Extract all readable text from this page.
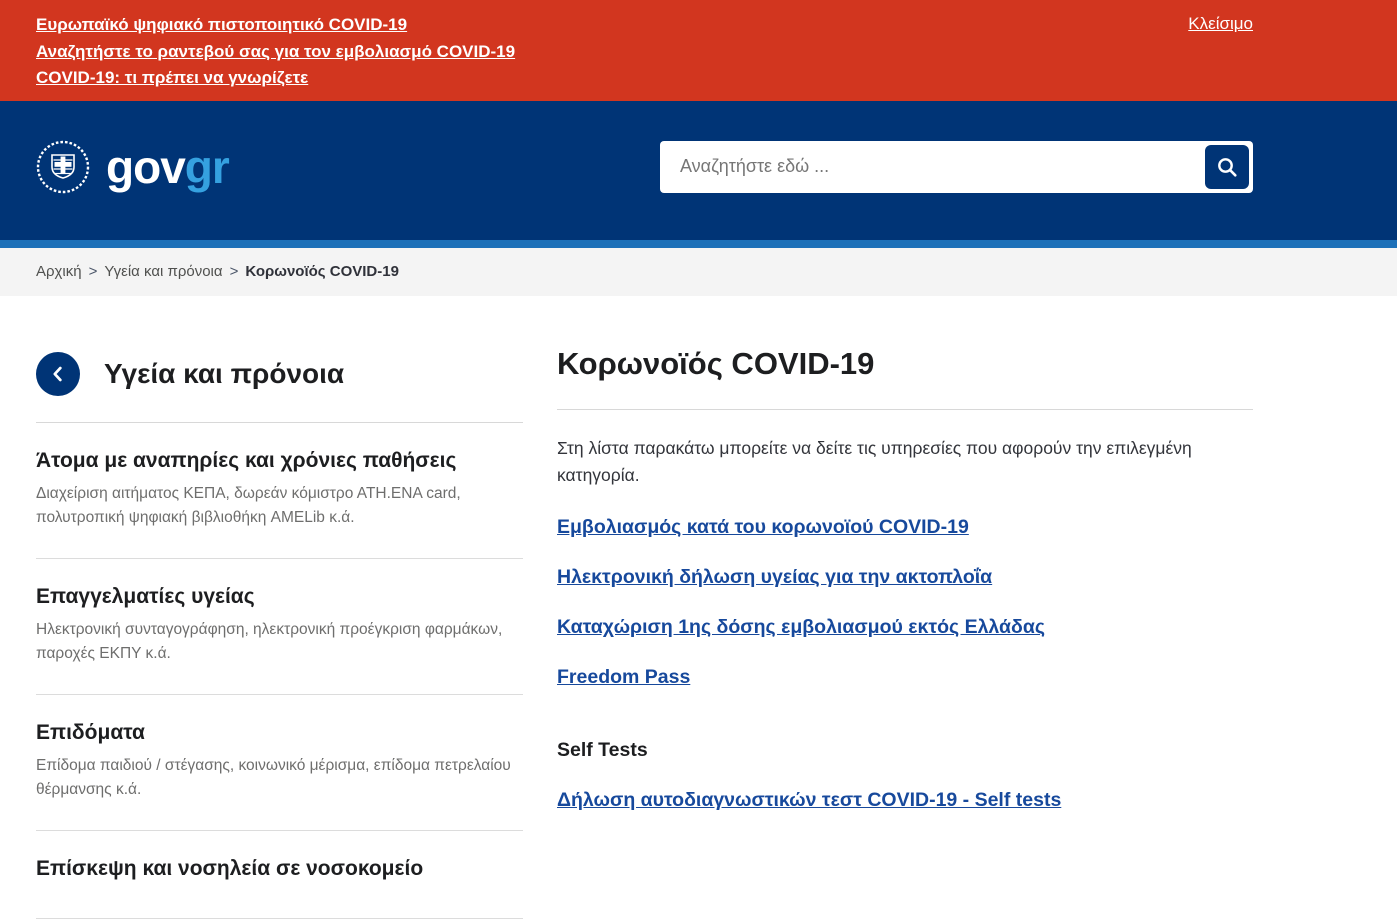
Ευρωπαϊκό ψηφιακό πιστοποιητικό COVID-19
Αναζητήστε το ραντεβού σας για τον εμβολιασμό COVID-19
COVID-19: τι πρέπει να γνωρίζετε
Κλείσιμο
govgr
Αναζητήστε εδώ ...
Αρχική > Υγεία και πρόνοια > Κορωνοϊός COVID-19
Υγεία και πρόνοια
Άτομα με αναπηρίες και χρόνιες παθήσεις

Διαχείριση αιτήματος ΚΕΠΑ, δωρεάν κόμιστρο ΑΤΗ.ΕΝΑ card, πολυτροπική ψηφιακή βιβλιοθήκη AMELib κ.ά.

Επαγγελματίες υγείας

Ηλεκτρονική συνταγογράφηση, ηλεκτρονική προέγκριση φαρμάκων, παροχές ΕΚΠΥ κ.ά.

Επιδόματα

Επίδομα παιδιού / στέγασης, κοινωνικό μέρισμα, επίδομα πετρελαίου θέρμανσης κ.ά.

Επίσκεψη και νοσηλεία σε νοσοκομείο
Κορωνοϊός COVID-19

Στη λίστα παρακάτω μπορείτε να δείτε τις υπηρεσίες που αφορούν την επιλεγμένη κατηγορία.

Εμβολιασμός κατά του κορωνοϊού COVID-19
Ηλεκτρονική δήλωση υγείας για την ακτοπλοΐα
Καταχώριση 1ης δόσης εμβολιασμού εκτός Ελλάδας
Freedom Pass
Self Tests
Δήλωση αυτοδιαγνωστικών τεστ COVID-19 - Self tests
